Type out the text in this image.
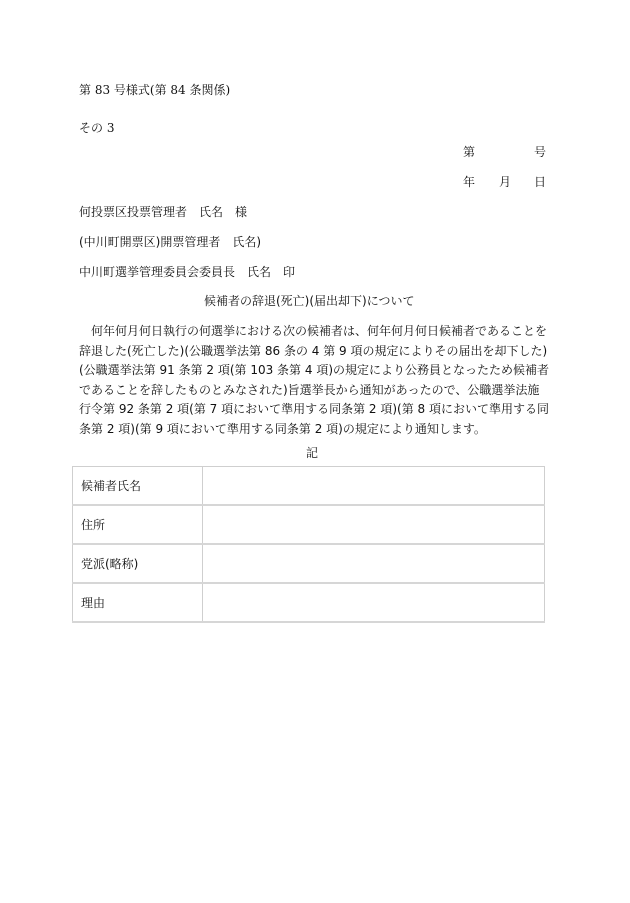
第 83 号様式(第 84 条関係)
その 3
第	号
年 月 日
何投票区投票管理者　氏名　様
(中川町開票区)開票管理者　氏名)
中川町選挙管理委員会委員長　氏名　印
候補者の辞退(死亡)(届出却下)について
何年何月何日執行の何選挙における次の候補者は、何年何月何日候補者であることを辞退した(死亡した)(公職選挙法第 86 条の 4 第 9 項の規定によりその届出を却下した)(公職選挙法第 91 条第 2 項(第 103 条第 4 項)の規定により公務員となったため候補者であることを辞したものとみなされた)旨選挙長から通知があったので、公職選挙法施行令第 92 条第 2 項(第 7 項において準用する同条第 2 項)(第 8 項において準用する同条第 2 項)(第 9 項において準用する同条第 2 項)の規定により通知します。
記
候補者氏名	
住所	
党派(略称)	
理由	
